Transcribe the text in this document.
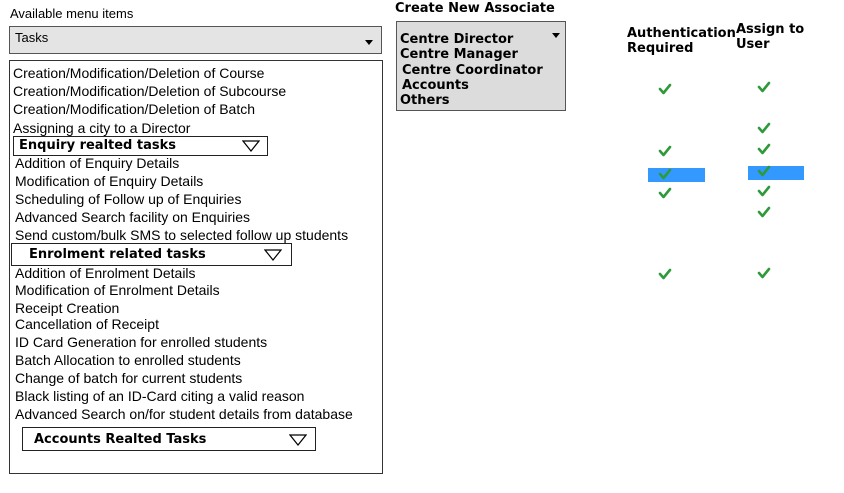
Available menu items
Tasks
Creation/Modification/Deletion of Course
Creation/Modification/Deletion of Subcourse
Creation/Modification/Deletion of Batch
Assigning a city to a Director
Enquiry realted tasks
Addition of Enquiry Details
Modification of Enquiry Details
Scheduling of Follow up of Enquiries
Advanced Search facility on Enquiries
Send custom/bulk SMS to selected follow up students
Enrolment related tasks
Addition of Enrolment Details
Modification of Enrolment Details
Receipt Creation
Cancellation of Receipt
ID Card Generation for enrolled students
Batch Allocation to enrolled students
Change of batch for current students
Black listing of an ID-Card citing a valid reason
Advanced Search on/for student details from database
Accounts Realted Tasks
Create New Associate
Centre Director
Centre Manager
Centre Coordinator
Accounts
Others
Authentication
Required
Assign to
User
